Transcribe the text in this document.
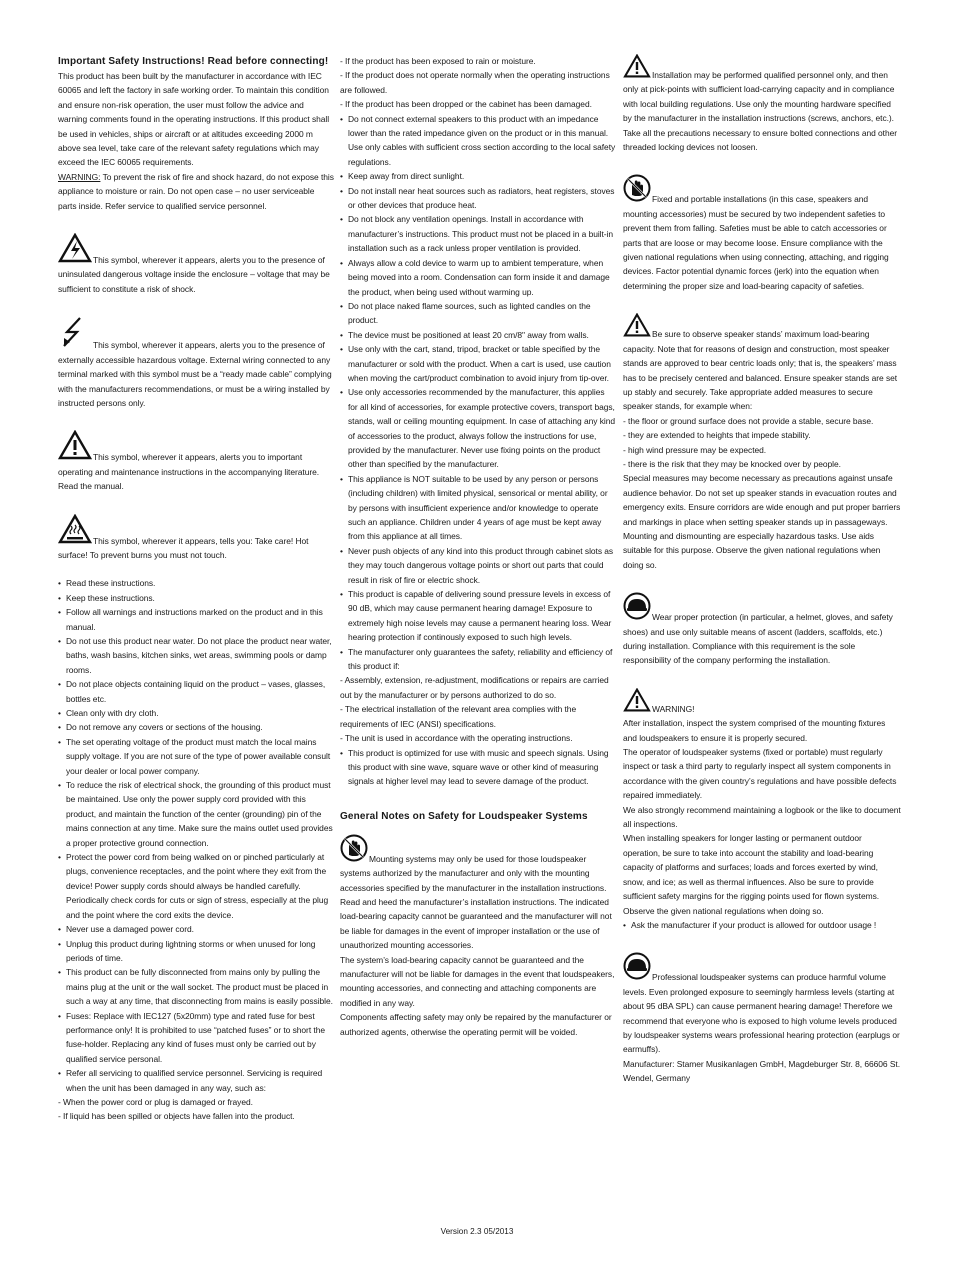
Important Safety Instructions! Read before connecting!

This product has been built by the manufacturer in accordance with IEC 60065 and left the factory in safe working order. To maintain this condition and ensure non-risk operation, the user must follow the advice and warning comments found in the operating instructions. If this product shall be used in vehicles, ships or aircraft or at altitudes exceeding 2000 m above sea level, take care of the relevant safety regulations which may exceed the IEC 60065 requirements.

WARNING: To prevent the risk of fire and shock hazard, do not expose this appliance to moisture or rain. Do not open case – no user serviceable parts inside. Refer service to qualified service personnel.

This symbol, wherever it appears, alerts you to the presence of uninsulated dangerous voltage inside the enclosure – voltage that may be sufficient to constitute a risk of shock.

This symbol, wherever it appears, alerts you to the presence of externally accessible hazardous voltage. External wiring connected to any terminal marked with this symbol must be a “ready made cable” complying with the manufacturers recommendations, or must be a wiring installed by instructed persons only.

This symbol, wherever it appears, alerts you to important operating and maintenance instructions in the accompanying literature. Read the manual.

This symbol, wherever it appears, tells you: Take care! Hot surface! To prevent burns you must not touch.

• Read these instructions.
• Keep these instructions.
• Follow all warnings and instructions marked on the product and in this manual.
• Do not use this product near water. Do not place the product near water, baths, wash basins, kitchen sinks, wet areas, swimming pools or damp rooms.
• Do not place objects containing liquid on the product – vases, glasses, bottles etc.
• Clean only with dry cloth.
• Do not remove any covers or sections of the housing.
• The set operating voltage of the product must match the local mains supply voltage. If you are not sure of the type of power available consult your dealer or local power company.
• To reduce the risk of electrical shock, the grounding of this product must be maintained. Use only the power supply cord provided with this product, and maintain the function of the center (grounding) pin of the mains connection at any time. Make sure the mains outlet used provides a proper protective ground connection.
• Protect the power cord from being walked on or pinched particularly at plugs, convenience receptacles, and the point where they exit from the device! Power supply cords should always be handled carefully. Periodically check cords for cuts or sign of stress, especially at the plug and the point where the cord exits the device.
• Never use a damaged power cord.
• Unplug this product during lightning storms or when unused for long periods of time.
• This product can be fully disconnected from mains only by pulling the mains plug at the unit or the wall socket. The product must be placed in such a way at any time, that disconnecting from mains is easily possible.
• Fuses: Replace with IEC127 (5x20mm) type and rated fuse for best performance only! It is prohibited to use “patched fuses” or to short the fuse-holder. Replacing any kind of fuses must only be carried out by qualified service personal.
• Refer all servicing to qualified service personnel. Servicing is required when the unit has been damaged in any way, such as:
- When the power cord or plug is damaged or frayed.
- If liquid has been spilled or objects have fallen into the product.
- If the product has been exposed to rain or moisture.
- If the product does not operate normally when the operating instructions are followed.
- If the product has been dropped or the cabinet has been damaged.
• Do not connect external speakers to this product with an impedance lower than the rated impedance given on the product or in this manual. Use only cables with sufficient cross section according to the local safety regulations.
• Keep away from direct sunlight.
• Do not install near heat sources such as radiators, heat registers, stoves or other devices that produce heat.
• Do not block any ventilation openings. Install in accordance with manufacturer’s instructions. This product must not be placed in a built-in installation such as a rack unless proper ventilation is provided.
• Always allow a cold device to warm up to ambient temperature, when being moved into a room. Condensation can form inside it and damage the product, when being used without warming up.
• Do not place naked flame sources, such as lighted candles on the product.
• The device must be positioned at least 20 cm/8" away from walls.
• Use only with the cart, stand, tripod, bracket or table specified by the manufacturer or sold with the product. When a cart is used, use caution when moving the cart/product combination to avoid injury from tip-over.
• Use only accessories recommended by the manufacturer, this applies for all kind of accessories, for example protective covers, transport bags, stands, wall or ceiling mounting equipment. In case of attaching any kind of accessories to the product, always follow the instructions for use, provided by the manufacturer. Never use fixing points on the product other than specified by the manufacturer.
• This appliance is NOT suitable to be used by any person or persons (including children) with limited physical, sensorical or mental ability, or by persons with insufficient experience and/or knowledge to operate such an appliance. Children under 4 years of age must be kept away from this appliance at all times.
• Never push objects of any kind into this product through cabinet slots as they may touch dangerous voltage points or short out parts that could result in risk of fire or electric shock.
• This product is capable of delivering sound pressure levels in excess of 90 dB, which may cause permanent hearing damage! Exposure to extremely high noise levels may cause a permanent hearing loss. Wear hearing protection if continously exposed to such high levels.
• The manufacturer only guarantees the safety, reliability and efficiency of this product if:
- Assembly, extension, re-adjustment, modifications or repairs are carried out by the manufacturer or by persons authorized to do so.
- The electrical installation of the relevant area complies with the requirements of IEC (ANSI) specifications.
- The unit is used in accordance with the operating instructions.
• This product is optimized for use with music and speech signals. Using this product with sine wave, square wave or other kind of measuring signals at higher level may lead to severe damage of the product.

General Notes on Safety for Loudspeaker Systems

Mounting systems may only be used for those loudspeaker systems authorized by the manufacturer and only with the mounting accessories specified by the manufacturer in the installation instructions. Read and heed the manufacturer’s installation instructions. The indicated load-bearing capacity cannot be guaranteed and the manufacturer will not be liable for damages in the event of improper installation or the use of unauthorized mounting accessories.

The system’s load-bearing capacity cannot be guaranteed and the manufacturer will not be liable for damages in the event that loudspeakers, mounting accessories, and connecting and attaching components are modified in any way.

Components affecting safety may only be repaired by the manufacturer or authorized agents, otherwise the operating permit will be voided.

Installation may be performed qualified personnel only, and then only at pick-points with sufficient load-carrying capacity and in compliance with local building regulations. Use only the mounting hardware specified by the manufacturer in the installation instructions (screws, anchors, etc.). Take all the precautions necessary to ensure bolted connections and other threaded locking devices not loosen.

Fixed and portable installations (in this case, speakers and mounting accessories) must be secured by two independent safeties to prevent them from falling. Safeties must be able to catch accessories or parts that are loose or may become loose. Ensure compliance with the given national regulations when using connecting, attaching, and rigging devices. Factor potential dynamic forces (jerk) into the equation when determining the proper size and load-bearing capacity of safeties.

Be sure to observe speaker stands’ maximum load-bearing capacity. Note that for reasons of design and construction, most speaker stands are approved to bear centric loads only; that is, the speakers’ mass has to be precisely centered and balanced. Ensure speaker stands are set up stably and securely. Take appropriate added measures to secure speaker stands, for example when:

- the floor or ground surface does not provide a stable, secure base.
- they are extended to heights that impede stability.
- high wind pressure may be expected.
- there is the risk that they may be knocked over by people.

Special measures may become necessary as precautions against unsafe audience behavior. Do not set up speaker stands in evacuation routes and emergency exits. Ensure corridors are wide enough and put proper barriers and markings in place when setting speaker stands up in passageways. Mounting and dismounting are especially hazardous tasks. Use aids suitable for this purpose. Observe the given national regulations when doing so.

Wear proper protection (in particular, a helmet, gloves, and safety shoes) and use only suitable means of ascent (ladders, scaffolds, etc.) during installation. Compliance with this requirement is the sole responsibility of the company performing the installation.

WARNING!

After installation, inspect the system comprised of the mounting fixtures and loudspeakers to ensure it is properly secured.

The operator of loudspeaker systems (fixed or portable) must regularly inspect or task a third party to regularly inspect all system components in accordance with the given country’s regulations and have possible defects repaired immediately.

We also strongly recommend maintaining a logbook or the like to document all inspections.

When installing speakers for longer lasting or permanent outdoor operation, be sure to take into account the stability and load-bearing capacity of platforms and surfaces; loads and forces exerted by wind, snow, and ice; as well as thermal influences. Also be sure to provide sufficient safety margins for the rigging points used for flown systems. Observe the given national regulations when doing so.

• Ask the manufacturer if your product is allowed for outdoor usage !

Professional loudspeaker systems can produce harmful volume levels. Even prolonged exposure to seemingly harmless levels (starting at about 95 dBA SPL) can cause permanent hearing damage! Therefore we recommend that everyone who is exposed to high volume levels produced by loudspeaker systems wears professional hearing protection (earplugs or earmuffs).

Manufacturer: Stamer Musikanlagen GmbH, Magdeburger Str. 8, 66606 St. Wendel, Germany

Version 2.3 05/2013
